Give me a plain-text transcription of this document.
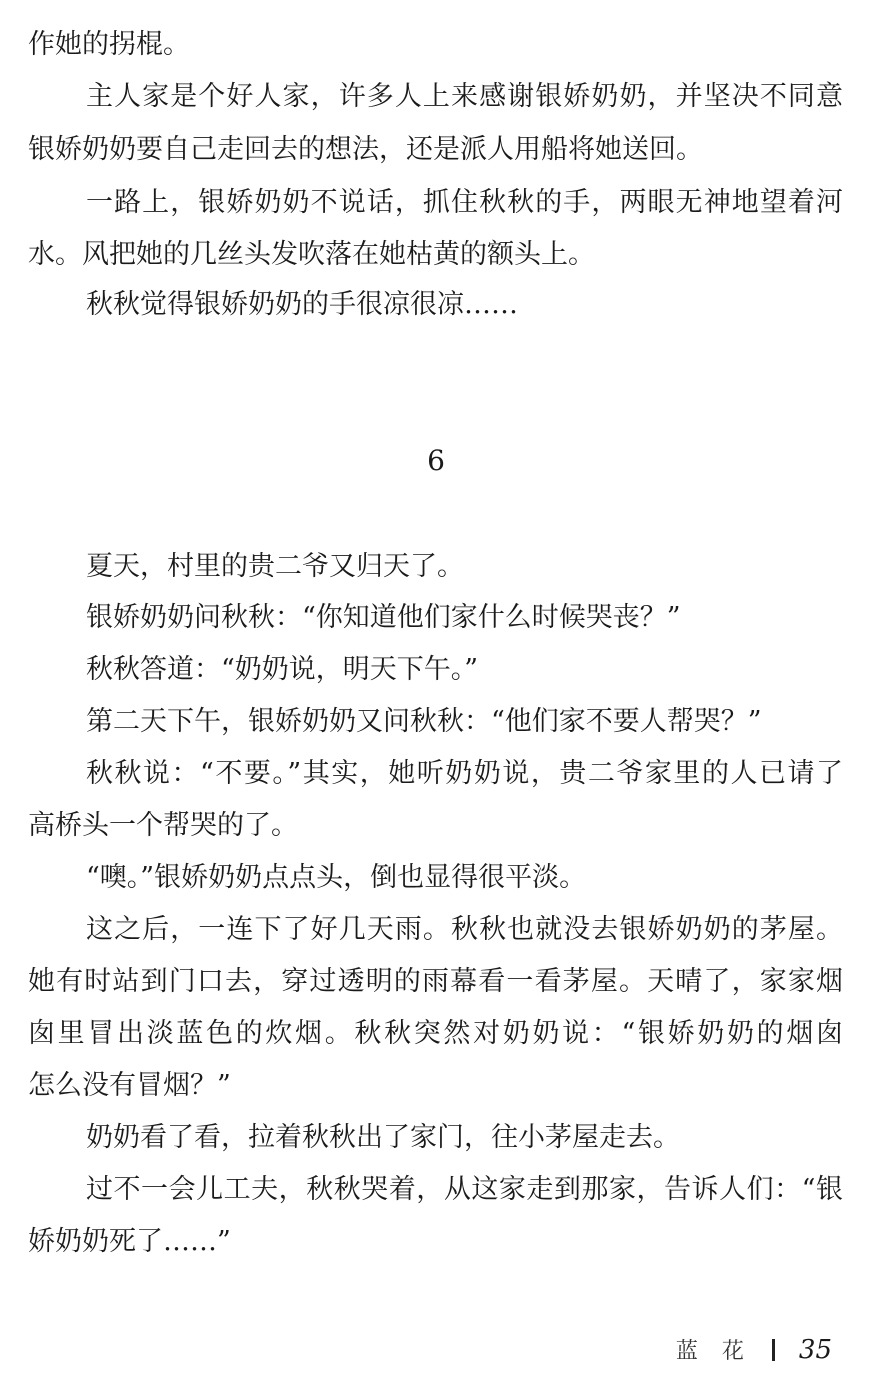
作她的拐棍。
主人家是个好人家，许多人上来感谢银娇奶奶，并坚决不同意
银娇奶奶要自己走回去的想法，还是派人用船将她送回。
一路上，银娇奶奶不说话，抓住秋秋的手，两眼无神地望着河
水。风把她的几丝头发吹落在她枯黄的额头上。
秋秋觉得银娇奶奶的手很凉很凉……
6
夏天，村里的贵二爷又归天了。
银娇奶奶问秋秋：“你知道他们家什么时候哭丧？”
秋秋答道：“奶奶说，明天下午。”
第二天下午，银娇奶奶又问秋秋：“他们家不要人帮哭？”
秋秋说：“不要。”其实，她听奶奶说，贵二爷家里的人已请了
高桥头一个帮哭的了。
“噢。”银娇奶奶点点头，倒也显得很平淡。
这之后，一连下了好几天雨。秋秋也就没去银娇奶奶的茅屋。
她有时站到门口去，穿过透明的雨幕看一看茅屋。天晴了，家家烟
囱里冒出淡蓝色的炊烟。秋秋突然对奶奶说：“银娇奶奶的烟囱
怎么没有冒烟？”
奶奶看了看，拉着秋秋出了家门，往小茅屋走去。
过不一会儿工夫，秋秋哭着，从这家走到那家，告诉人们：“银
娇奶奶死了……”
蓝花 35
